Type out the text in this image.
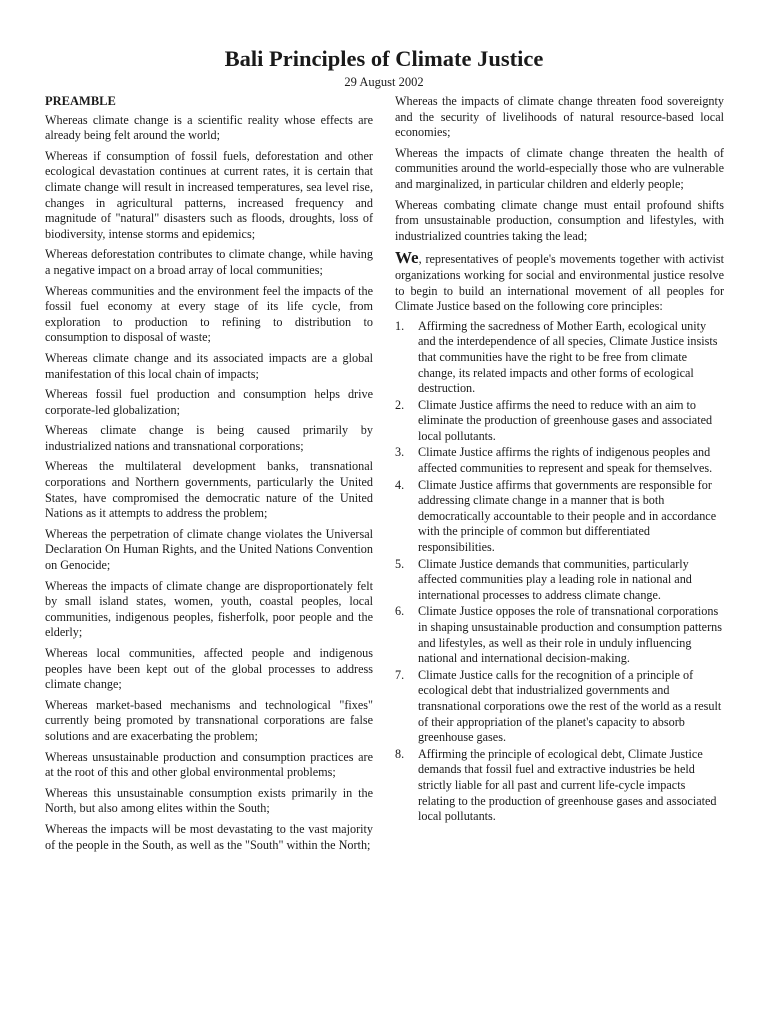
Bali Principles of Climate Justice
29 August 2002
PREAMBLE

Whereas climate change is a scientific reality whose effects are already being felt around the world;

Whereas if consumption of fossil fuels, deforestation and other ecological devastation continues at current rates, it is certain that climate change will result in increased temperatures, sea level rise, changes in agricultural patterns, increased frequency and magnitude of "natural" disasters such as floods, droughts, loss of biodiversity, intense storms and epidemics;

Whereas deforestation contributes to climate change, while having a negative impact on a broad array of local communities;

Whereas communities and the environment feel the impacts of the fossil fuel economy at every stage of its life cycle, from exploration to production to refining to distribution to consumption to disposal of waste;

Whereas climate change and its associated impacts are a global manifestation of this local chain of impacts;

Whereas fossil fuel production and consumption helps drive corporate-led globalization;

Whereas climate change is being caused primarily by industrialized nations and transnational corporations;

Whereas the multilateral development banks, transnational corporations and Northern governments, particularly the United States, have compromised the democratic nature of the United Nations as it attempts to address the problem;

Whereas the perpetration of climate change violates the Universal Declaration On Human Rights, and the United Nations Convention on Genocide;

Whereas the impacts of climate change are disproportionately felt by small island states, women, youth, coastal peoples, local communities, indigenous peoples, fisherfolk, poor people and the elderly;

Whereas local communities, affected people and indigenous peoples have been kept out of the global processes to address climate change;

Whereas market-based mechanisms and technological "fixes" currently being promoted by transnational corporations are false solutions and are exacerbating the problem;

Whereas unsustainable production and consumption practices are at the root of this and other global environmental problems;

Whereas this unsustainable consumption exists primarily in the North, but also among elites within the South;

Whereas the impacts will be most devastating to the vast majority of the people in the South, as well as the "South" within the North;

Whereas the impacts of climate change threaten food sovereignty and the security of livelihoods of natural resource-based local economies;

Whereas the impacts of climate change threaten the health of communities around the world-especially those who are vulnerable and marginalized, in particular children and elderly people;

Whereas combating climate change must entail profound shifts from unsustainable production, consumption and lifestyles, with industrialized countries taking the lead;

We, representatives of people's movements together with activist organizations working for social and environmental justice resolve to begin to build an international movement of all peoples for Climate Justice based on the following core principles:

1. Affirming the sacredness of Mother Earth, ecological unity and the interdependence of all species, Climate Justice insists that communities have the right to be free from climate change, its related impacts and other forms of ecological destruction.
2. Climate Justice affirms the need to reduce with an aim to eliminate the production of greenhouse gases and associated local pollutants.
3. Climate Justice affirms the rights of indigenous peoples and affected communities to represent and speak for themselves.
4. Climate Justice affirms that governments are responsible for addressing climate change in a manner that is both democratically accountable to their people and in accordance with the principle of common but differentiated responsibilities.
5. Climate Justice demands that communities, particularly affected communities play a leading role in national and international processes to address climate change.
6. Climate Justice opposes the role of transnational corporations in shaping unsustainable production and consumption patterns and lifestyles, as well as their role in unduly influencing national and international decision-making.
7. Climate Justice calls for the recognition of a principle of ecological debt that industrialized governments and transnational corporations owe the rest of the world as a result of their appropriation of the planet's capacity to absorb greenhouse gases.
8. Affirming the principle of ecological debt, Climate Justice demands that fossil fuel and extractive industries be held strictly liable for all past and current life-cycle impacts relating to the production of greenhouse gases and associated local pollutants.
